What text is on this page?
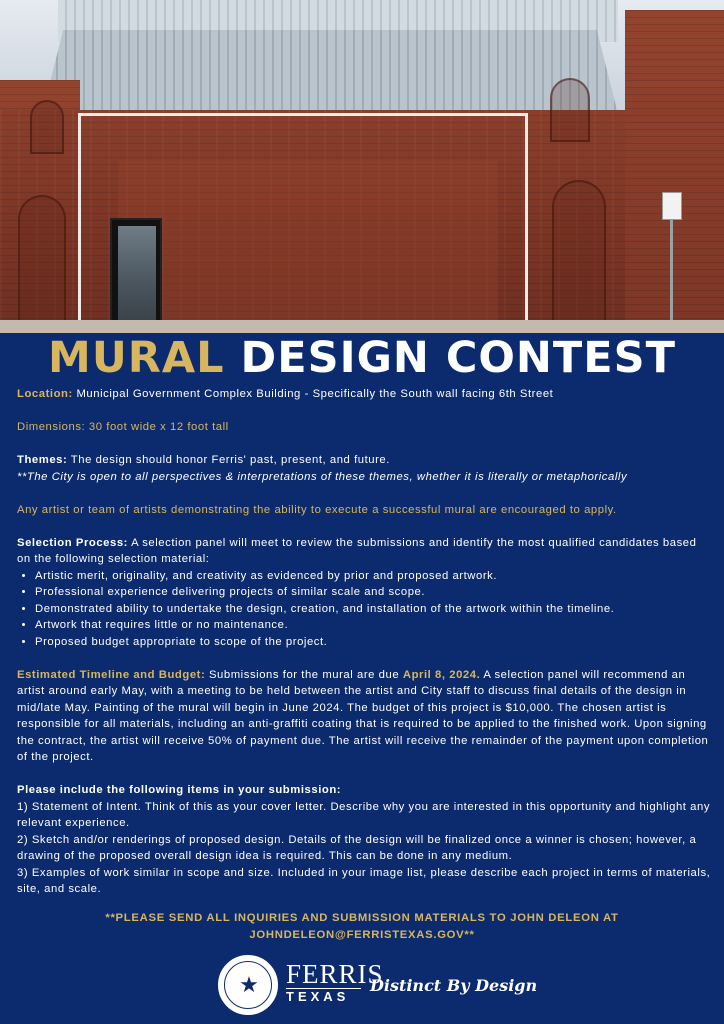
MURAL DESIGN CONTEST

Location: Municipal Government Complex Building - Specifically the South wall facing 6th Street

Dimensions: 30 foot wide x 12 foot tall

Themes: The design should honor Ferris' past, present, and future.

**The City is open to all perspectives & interpretations of these themes, whether it is literally or metaphorically

Any artist or team of artists demonstrating the ability to execute a successful mural are encouraged to apply.

Selection Process: A selection panel will meet to review the submissions and identify the most qualified candidates based on the following selection material:

• Artistic merit, originality, and creativity as evidenced by prior and proposed artwork.
• Professional experience delivering projects of similar scale and scope.
• Demonstrated ability to undertake the design, creation, and installation of the artwork within the timeline.
• Artwork that requires little or no maintenance.
• Proposed budget appropriate to scope of the project.

Estimated Timeline and Budget: Submissions for the mural are due April 8, 2024. A selection panel will recommend an artist around early May, with a meeting to be held between the artist and City staff to discuss final details of the design in mid/late May. Painting of the mural will begin in June 2024. The budget of this project is $10,000. The chosen artist is responsible for all materials, including an anti-graffiti coating that is required to be applied to the finished work. Upon signing the contract, the artist will receive 50% of payment due. The artist will receive the remainder of the payment upon completion of the project.

Please include the following items in your submission:

1) Statement of Intent. Think of this as your cover letter. Describe why you are interested in this opportunity and highlight any relevant experience.

2) Sketch and/or renderings of proposed design. Details of the design will be finalized once a winner is chosen; however, a drawing of the proposed overall design idea is required. This can be done in any medium.

3) Examples of work similar in scope and size. Included in your image list, please describe each project in terms of materials, site, and scale.

**PLEASE SEND ALL INQUIRIES AND SUBMISSION MATERIALS TO JOHN DELEON AT
JOHNDELEON@FERRISTEXAS.GOV**
★	FERRIS
TEXAS
Distinct By Design
